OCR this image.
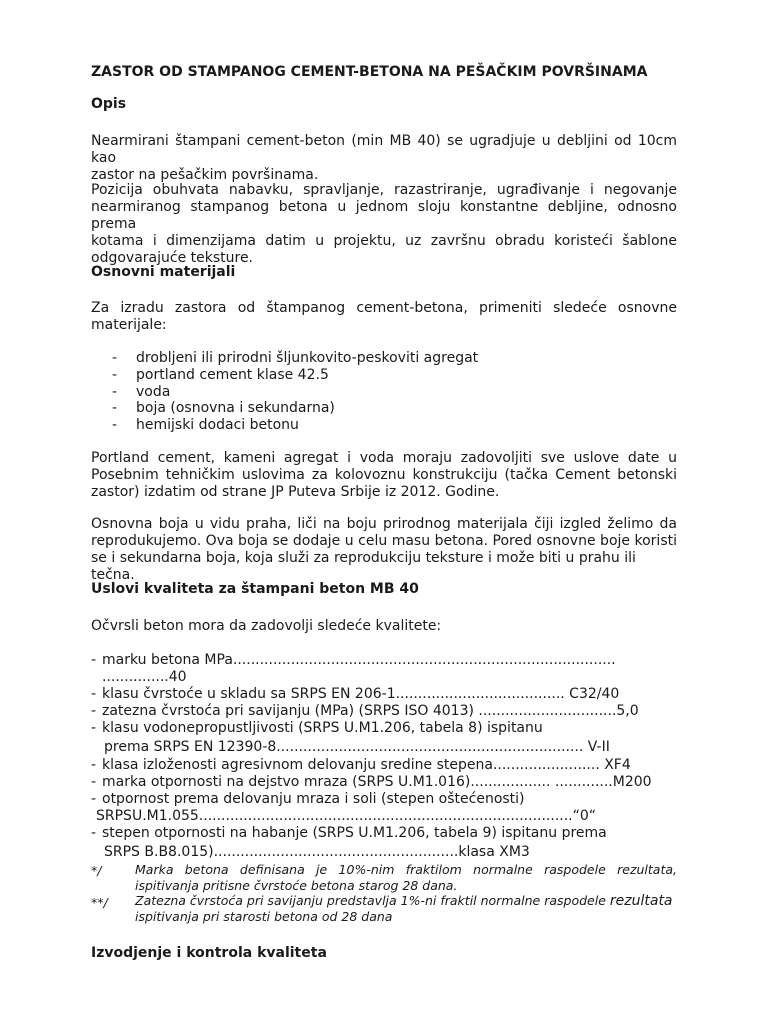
ZASTOR OD STAMPANOG CEMENT-BETONA NA PEŠAČKIM POVRŠINAMA
Opis
Nearmirani štampani cement-beton (min MB 40) se ugradjuje u debljini od 10cm kao
zastor na pešačkim površinama.
Pozicija obuhvata nabavku, spravljanje, razastriranje, ugrađivanje i negovanje
nearmiranog stampanog betona u jednom sloju konstantne debljine, odnosno prema
kotama i dimenzijama datim u projektu, uz završnu obradu koristeći šablone
odgovarajuće teksture.
Osnovni materijali
Za izradu zastora od štampanog cement-betona, primeniti sledeće osnovne
materijale:
- drobljeni ili prirodni šljunkovito-peskoviti agregat
- portland cement klase 42.5
- voda
- boja (osnovna i sekundarna)
- hemijski dodaci betonu
Portland cement, kameni agregat i voda moraju zadovoljiti sve uslove date u
Posebnim tehničkim uslovima za kolovoznu konstrukciju (tačka Cement betonski
zastor) izdatim od strane JP Puteva Srbije iz 2012. Godine.
Osnovna boja u vidu praha, liči na boju prirodnog materijala čiji izgled želimo da
reprodukujemo. Ova boja se dodaje u celu masu betona. Pored osnovne boje koristi
se i sekundarna boja, koja služi za reprodukciju teksture i može biti u prahu ili tečna.
Uslovi kvaliteta za štampani beton MB 40
Očvrsli beton mora da zadovolji sledeće kvalitete:
- marku betona MPa......................................................................................
...............40
- klasu čvrstoće u skladu sa SRPS EN 206-1...................................... C32/40
- zatezna čvrstoća pri savijanju (MPa) (SRPS ISO 4013) ...............................5,0
- klasu vodonepropustljivosti (SRPS U.M1.206, tabela 8) ispitanu
prema SRPS EN 12390-8..................................................................... V-II
- klasa izloženosti agresivnom delovanju sredine stepena........................ XF4
- marka otpornosti na dejstvo mraza (SRPS U.M1.016).................. .............M200
- otpornost prema delovanju mraza i soli (stepen oštećenosti)
SRPSU.M1.055....................................................................................“0“
- stepen otpornosti na habanje (SRPS U.M1.206, tabela 9) ispitanu prema
SRPS B.B8.015).......................................................klasa XM3
*/	Marka betona definisana je 10%-nim fraktilom normalne raspodele rezultata,
ispitivanja pritisne čvrstoće betona starog 28 dana.
**/ Zatezna čvrstoća pri savijanju predstavlja 1%-ni fraktil normalne raspodele rezultata
ispitivanja pri starosti betona od 28 dana
Izvodjenje i kontrola kvaliteta
